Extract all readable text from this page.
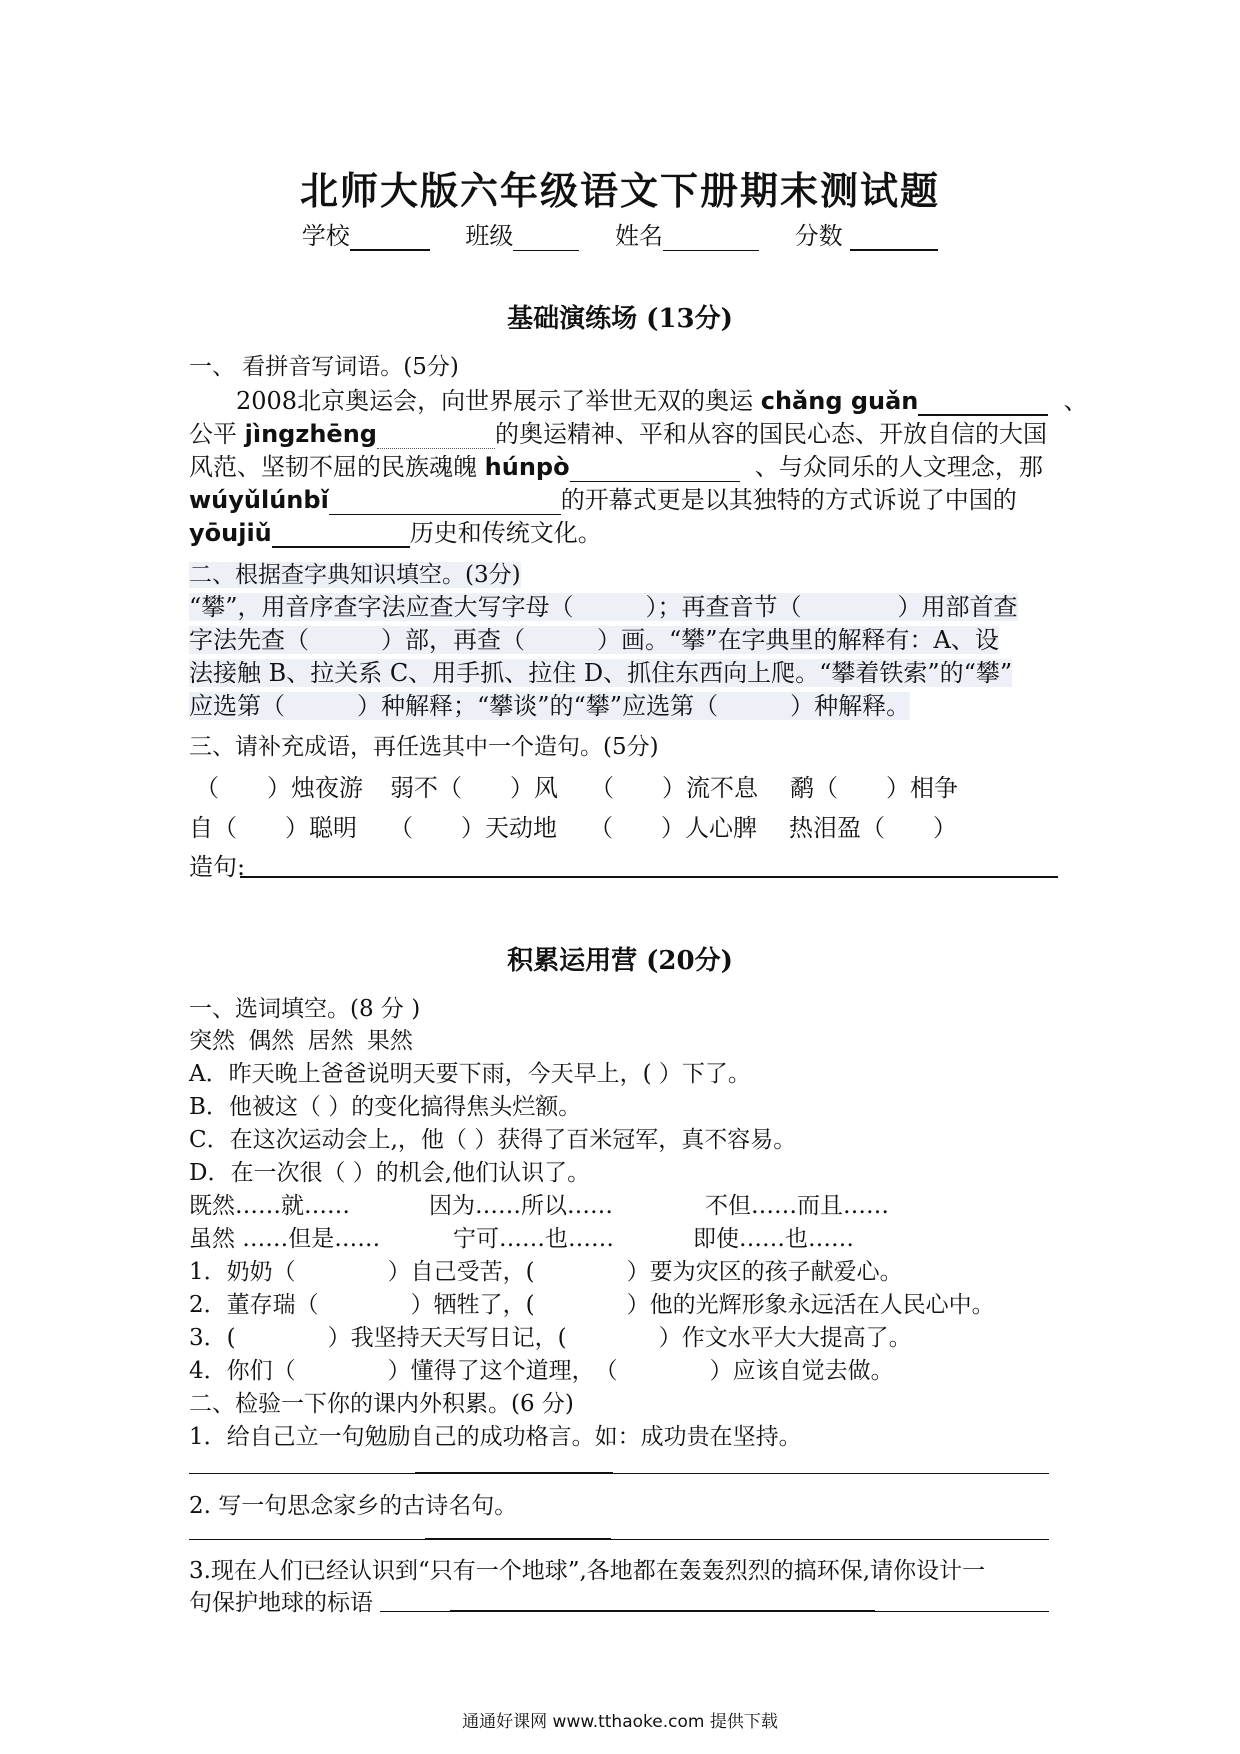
北师大版六年级语文下册期末测试题
学校	班级	姓名	分数
基础演练场 (13分)
一、 看拼音写词语。(5分)
2008北京奥运会，向世界展示了举世无双的奥运 chǎng guǎn	、
公平 jìngzhēng	的奥运精神、平和从容的国民心态、开放自信的大国
风范、坚韧不屈的民族魂魄 húnpò	、与众同乐的人文理念，那
wúyǔlúnbǐ	的开幕式更是以其独特的方式诉说了中国的
yōujiǔ	历史和传统文化。
二、根据查字典知识填空。(3分)
“攀”，用音序查字法应查大写字母（　　　）；再查音节（　　　　）用部首查
字法先查（　　　）部，再查（　　　）画。“攀”在字典里的解释有：A、设
法接触 B、拉关系 C、用手抓、拉住 D、抓住东西向上爬。“攀着铁索”的“攀”
应选第（　　　）种解释；“攀谈”的“攀”应选第（　　　）种解释。
三、请补充成语，再任选其中一个造句。(5分)
（　　）烛夜游 弱不（　　）风 （　　）流不息 鹬（　　）相争
自（　　）聪明 （　　）天动地 （　　）人心脾 热泪盈（　　）
造句:
积累运用营 (20分)
一、选词填空。(8 分 )
突然 偶然 居然 果然
A．昨天晚上爸爸说明天要下雨，今天早上，( ）下了。
B．他被这（ ）的变化搞得焦头烂额。
C．在这次运动会上,，他（ ）获得了百米冠军，真不容易。
D．在一次很（ ）的机会,他们认识了。
既然……就……	因为……所以……	不但……而且……
虽然 ……但是……	宁可……也……	即使……也……
1．奶奶（　　　　）自己受苦，(　　　　）要为灾区的孩子献爱心。
2．董存瑞（　　　　）牺牲了，(　　　　）他的光辉形象永远活在人民心中。
3．(　　　　）我坚持天天写日记，(　　　　）作文水平大大提高了。
4．你们（　　　　）懂得了这个道理，　（　　　　）应该自觉去做。
二、检验一下你的课内外积累。(6 分)
1．给自己立一句勉励自己的成功格言。如：成功贵在坚持。
2. 写一句思念家乡的古诗名句。
3.现在人们已经认识到“只有一个地球”,各地都在轰轰烈烈的搞环保,请你设计一
句保护地球的标语
通通好课网 www.tthaoke.com 提供下载
